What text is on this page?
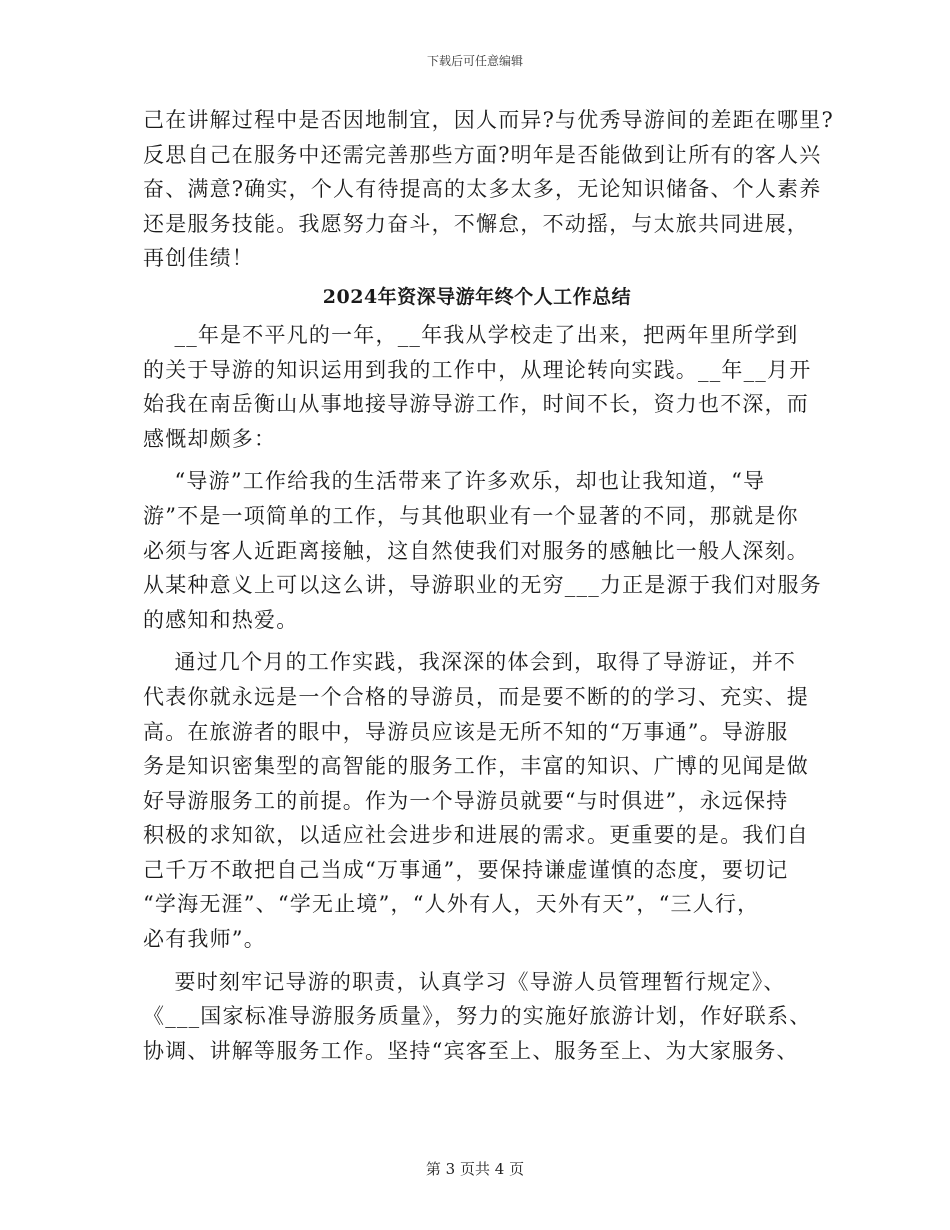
下载后可任意编辑
己在讲解过程中是否因地制宜，因人而异?与优秀导游间的差距在哪里?
反思自己在服务中还需完善那些方面?明年是否能做到让所有的客人兴
奋、满意?确实，个人有待提高的太多太多，无论知识储备、个人素养
还是服务技能。我愿努力奋斗，不懈怠，不动摇，与太旅共同进展，
再创佳绩！
2024年资深导游年终个人工作总结
__年是不平凡的一年，__年我从学校走了出来，把两年里所学到
的关于导游的知识运用到我的工作中，从理论转向实践。__年__月开
始我在南岳衡山从事地接导游导游工作，时间不长，资力也不深，而
感慨却颇多：
“导游”工作给我的生活带来了许多欢乐，却也让我知道，“导
游”不是一项简单的工作，与其他职业有一个显著的不同，那就是你
必须与客人近距离接触，这自然使我们对服务的感触比一般人深刻。
从某种意义上可以这么讲，导游职业的无穷___力正是源于我们对服务
的感知和热爱。
通过几个月的工作实践，我深深的体会到，取得了导游证，并不
代表你就永远是一个合格的导游员，而是要不断的的学习、充实、提
高。在旅游者的眼中，导游员应该是无所不知的“万事通”。导游服
务是知识密集型的高智能的服务工作，丰富的知识、广博的见闻是做
好导游服务工的前提。作为一个导游员就要“与时俱进”，永远保持
积极的求知欲，以适应社会进步和进展的需求。更重要的是。我们自
己千万不敢把自己当成“万事通”，要保持谦虚谨慎的态度，要切记
“学海无涯”、“学无止境”，“人外有人，天外有天”，“三人行，
必有我师”。
要时刻牢记导游的职责，认真学习《导游人员管理暂行规定》、
《___国家标准导游服务质量》，努力的实施好旅游计划，作好联系、
协调、讲解等服务工作。坚持“宾客至上、服务至上、为大家服务、
第 3 页共 4 页
